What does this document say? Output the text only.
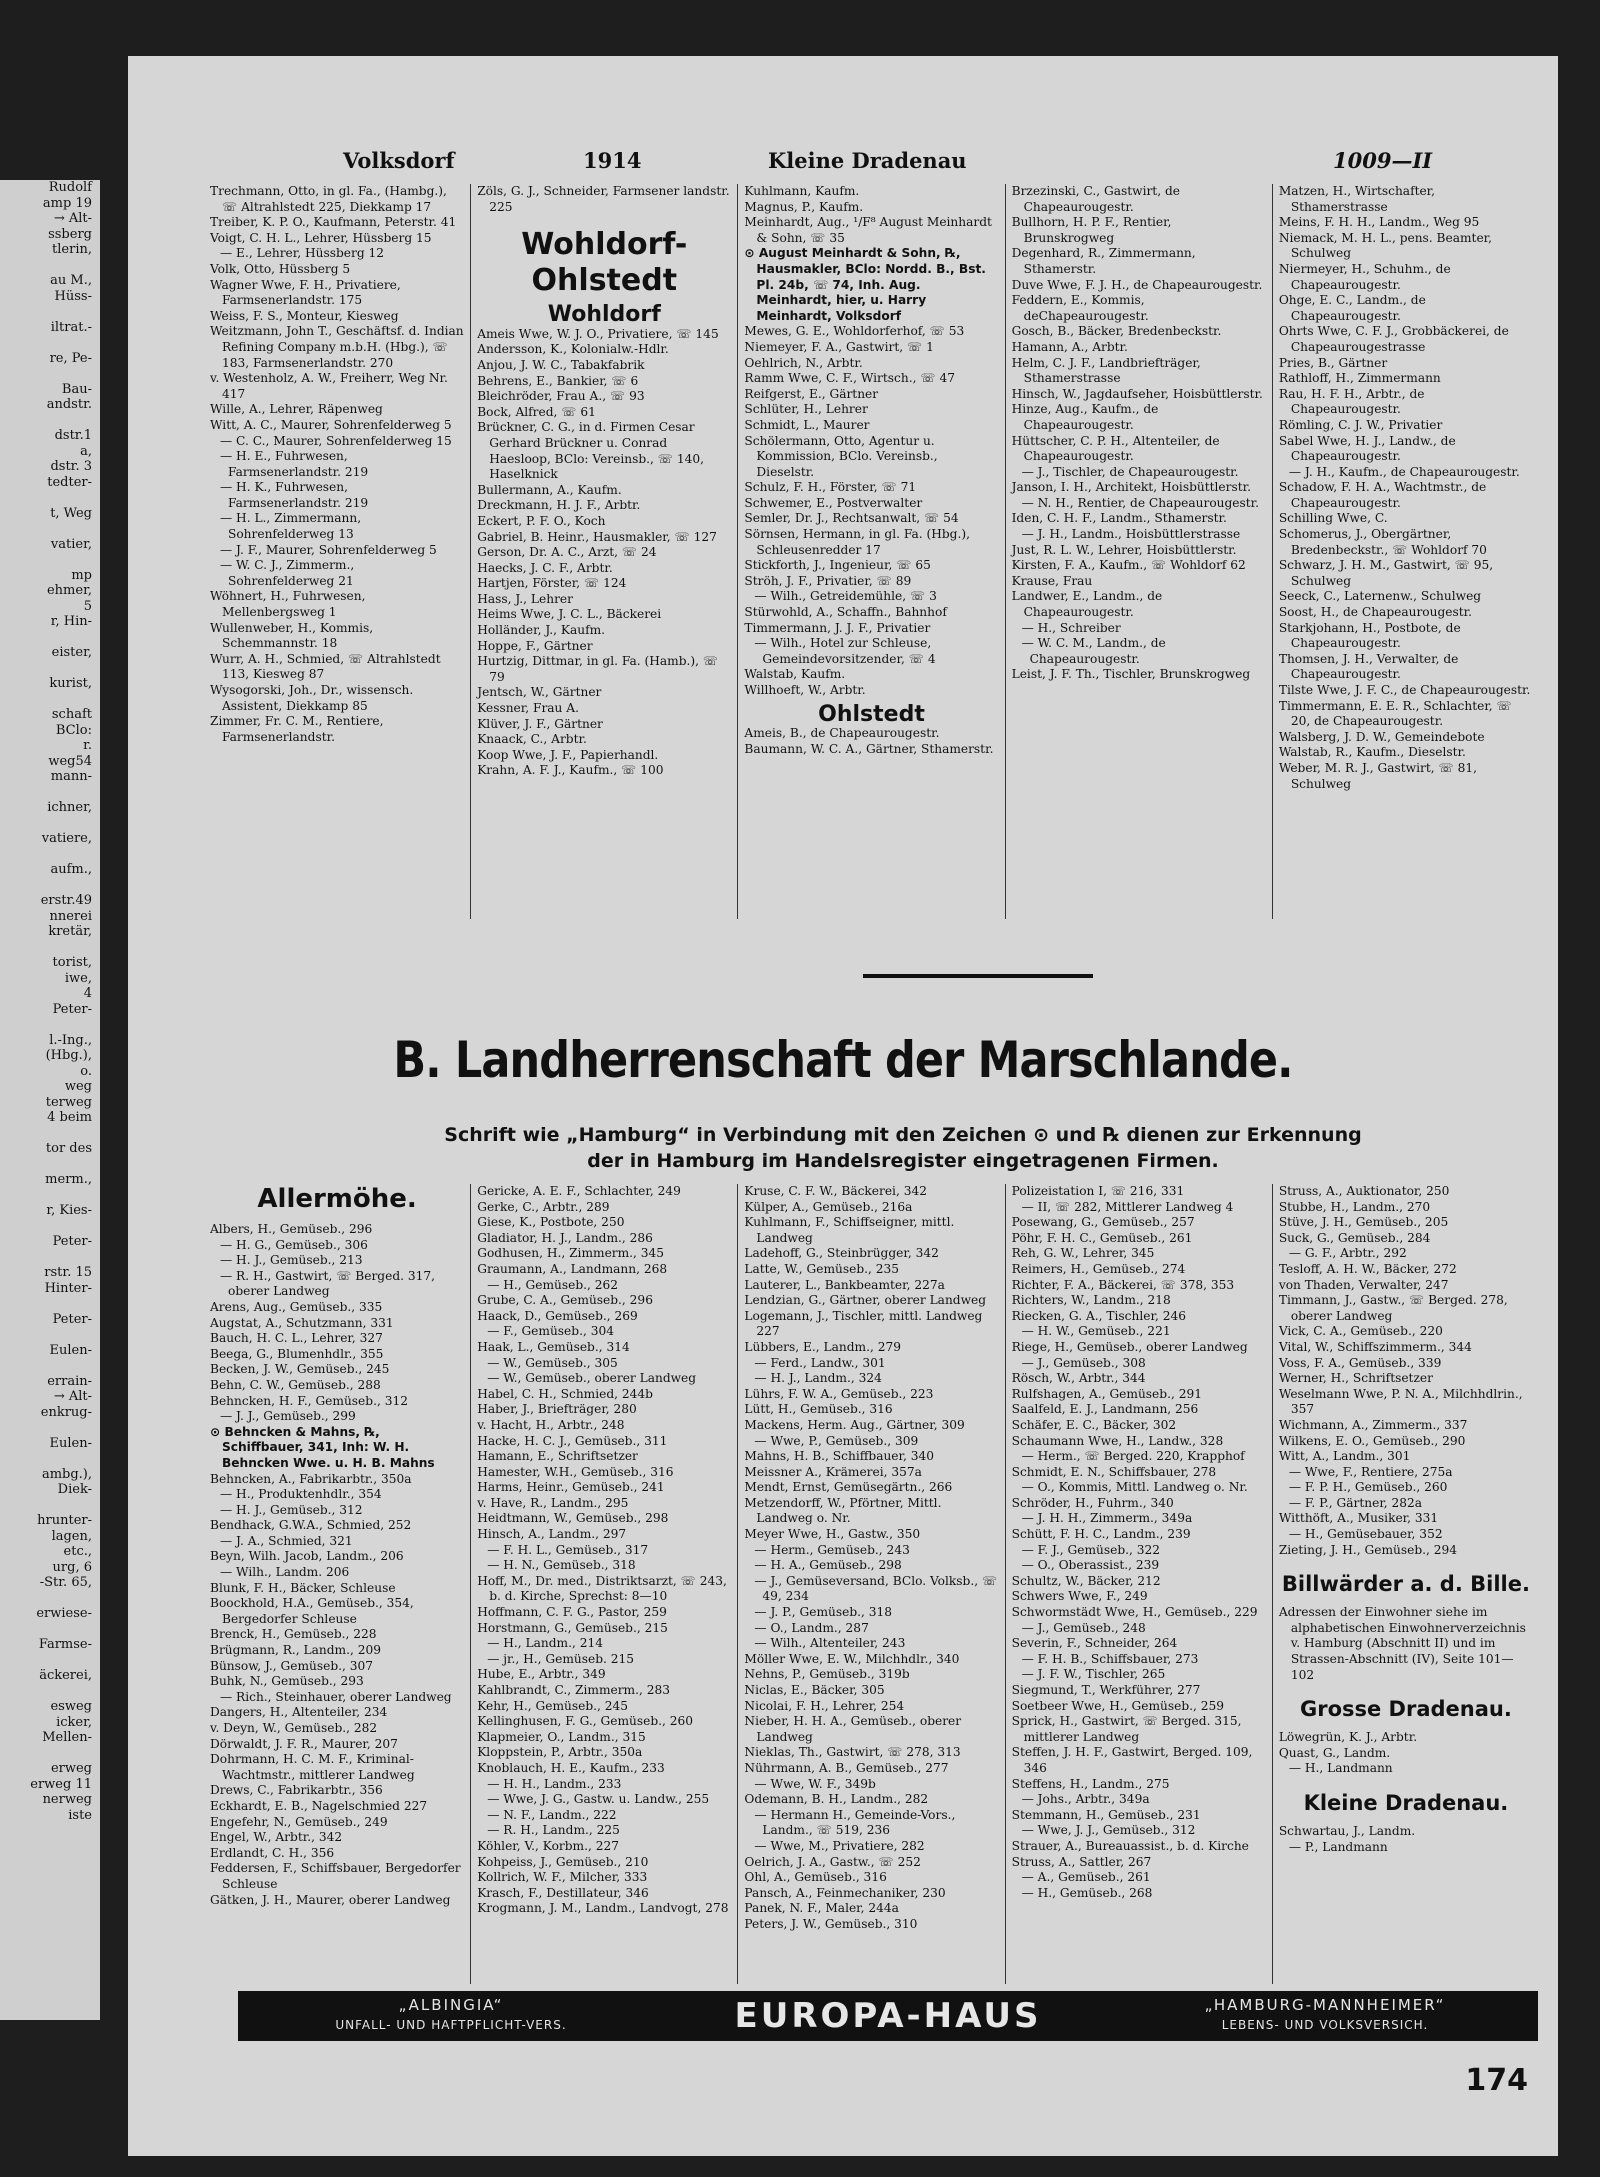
Rudolf
amp 19
→ Alt-
ssberg
tlerin,

au M.,
Hüss-

iltrat.-

re, Pe-

Bau-
andstr.

dstr.1
a,
dstr. 3
tedter-

t, Weg

vatier,

mp
ehmer,
5
r, Hin-

eister,

kurist,

schaft
BClo:
r.
weg54
mann-

ichner,

vatiere,

aufm.,

erstr.49
nnerei
kretär,

torist,
iwe,
4
Peter-

l.-Ing.,
(Hbg.),
o.
weg
terweg
4 beim

tor des

merm.,

r, Kies-

Peter-

rstr. 15
Hinter-

Peter-

Eulen-

errain-
→ Alt-
enkrug-

Eulen-

ambg.),
Diek-

hrunter-
lagen,
etc.,
urg, 6
-Str. 65,

erwiese-

Farmse-

äckerei,

esweg
icker,
Mellen-

erweg
erweg 11
nerweg
iste
Volksdorf	1914	Kleine Dradenau	1009—II
Trechmann, Otto, in gl. Fa., (Hambg.), ☏ Altrahlstedt 225, Diekkamp 17
Treiber, K. P. O., Kaufmann, Peterstr. 41
Voigt, C. H. L., Lehrer, Hüssberg 15
— E., Lehrer, Hüssberg 12
Volk, Otto, Hüssberg 5
Wagner Wwe, F. H., Privatiere, Farmsenerlandstr. 175
Weiss, F. S., Monteur, Kiesweg
Weitzmann, John T., Geschäftsf. d. Indian Refining Company m.b.H. (Hbg.), ☏ 183, Farmsenerlandstr. 270
v. Westenholz, A. W., Freiherr, Weg Nr. 417
Wille, A., Lehrer, Räpenweg
Witt, A. C., Maurer, Sohrenfelderweg 5
— C. C., Maurer, Sohrenfelderweg 15
— H. E., Fuhrwesen, Farmsenerlandstr. 219
— H. K., Fuhrwesen, Farmsenerlandstr. 219
— H. L., Zimmermann, Sohrenfelderweg 13
— J. F., Maurer, Sohrenfelderweg 5
— W. C. J., Zimmerm., Sohrenfelderweg 21
Wöhnert, H., Fuhrwesen, Mellenbergsweg 1
Wullenweber, H., Kommis, Schemmannstr. 18
Wurr, A. H., Schmied, ☏ Altrahlstedt 113, Kiesweg 87
Wysogorski, Joh., Dr., wissensch. Assistent, Diekkamp 85
Zimmer, Fr. C. M., Rentiere, Farmsenerlandstr.
Zöls, G. J., Schneider, Farmsener landstr. 225
Wohldorf-Ohlstedt
Wohldorf
Ameis Wwe, W. J. O., Privatiere, ☏ 145
Andersson, K., Kolonialw.-Hdlr.
Anjou, J. W. C., Tabakfabrik
Behrens, E., Bankier, ☏ 6
Bleichröder, Frau A., ☏ 93
Bock, Alfred, ☏ 61
Brückner, C. G., in d. Firmen Cesar Gerhard Brückner u. Conrad Haesloop, BClo: Vereinsb., ☏ 140, Haselknick
Bullermann, A., Kaufm.
Dreckmann, H. J. F., Arbtr.
Eckert, P. F. O., Koch
Gabriel, B. Heinr., Hausmakler, ☏ 127
Gerson, Dr. A. C., Arzt, ☏ 24
Haecks, J. C. F., Arbtr.
Hartjen, Förster, ☏ 124
Hass, J., Lehrer
Heims Wwe, J. C. L., Bäckerei
Holländer, J., Kaufm.
Hoppe, F., Gärtner
Hurtzig, Dittmar, in gl. Fa. (Hamb.), ☏ 79
Jentsch, W., Gärtner
Kessner, Frau A.
Klüver, J. F., Gärtner
Knaack, C., Arbtr.
Koop Wwe, J. F., Papierhandl.
Krahn, A. F. J., Kaufm., ☏ 100
Kuhlmann, Kaufm.
Magnus, P., Kaufm.
Meinhardt, Aug., ¹/F⁸ August Meinhardt & Sohn, ☏ 35
⊙ August Meinhardt & Sohn, ℞, Hausmakler, BClo: Nordd. B., Bst. Pl. 24b, ☏ 74, Inh. Aug. Meinhardt, hier, u. Harry Meinhardt, Volksdorf
Mewes, G. E., Wohldorferhof, ☏ 53
Niemeyer, F. A., Gastwirt, ☏ 1
Oehlrich, N., Arbtr.
Ramm Wwe, C. F., Wirtsch., ☏ 47
Reifgerst, E., Gärtner
Schlüter, H., Lehrer
Schmidt, L., Maurer
Schölermann, Otto, Agentur u. Kommission, BClo. Vereinsb., Dieselstr.
Schulz, F. H., Förster, ☏ 71
Schwemer, E., Postverwalter
Semler, Dr. J., Rechtsanwalt, ☏ 54
Sörnsen, Hermann, in gl. Fa. (Hbg.), Schleusenredder 17
Stickforth, J., Ingenieur, ☏ 65
Ströh, J. F., Privatier, ☏ 89
— Wilh., Getreidemühle, ☏ 3
Stürwohld, A., Schaffn., Bahnhof
Timmermann, J. J. F., Privatier
— Wilh., Hotel zur Schleuse, Gemeindevorsitzender, ☏ 4
Walstab, Kaufm.
Willhoeft, W., Arbtr.
Ohlstedt
Ameis, B., de Chapeaurougestr.
Baumann, W. C. A., Gärtner, Sthamerstr.
Brzezinski, C., Gastwirt, de Chapeaurougestr.
Bullhorn, H. P. F., Rentier, Brunskrogweg
Degenhard, R., Zimmermann, Sthamerstr.
Duve Wwe, F. J. H., de Chapeaurougestr.
Feddern, E., Kommis, deChapeaurougestr.
Gosch, B., Bäcker, Bredenbeckstr.
Hamann, A., Arbtr.
Helm, C. J. F., Landbriefträger, Sthamerstrasse
Hinsch, W., Jagdaufseher, Hoisbüttlerstr.
Hinze, Aug., Kaufm., de Chapeaurougestr.
Hüttscher, C. P. H., Altenteiler, de Chapeaurougestr.
— J., Tischler, de Chapeaurougestr.
Janson, I. H., Architekt, Hoisbüttlerstr.
— N. H., Rentier, de Chapeaurougestr.
Iden, C. H. F., Landm., Sthamerstr.
— J. H., Landm., Hoisbüttlerstrasse
Just, R. L. W., Lehrer, Hoisbüttlerstr.
Kirsten, F. A., Kaufm., ☏ Wohldorf 62
Krause, Frau
Landwer, E., Landm., de Chapeaurougestr.
— H., Schreiber
— W. C. M., Landm., de Chapeaurougestr.
Leist, J. F. Th., Tischler, Brunskrogweg
Matzen, H., Wirtschafter, Sthamerstrasse
Meins, F. H. H., Landm., Weg 95
Niemack, M. H. L., pens. Beamter, Schulweg
Niermeyer, H., Schuhm., de Chapeaurougestr.
Ohge, E. C., Landm., de Chapeaurougestr.
Ohrts Wwe, C. F. J., Grobbäckerei, de Chapeaurougestrasse
Pries, B., Gärtner
Rathloff, H., Zimmermann
Rau, H. F. H., Arbtr., de Chapeaurougestr.
Römling, C. J. W., Privatier
Sabel Wwe, H. J., Landw., de Chapeaurougestr.
— J. H., Kaufm., de Chapeaurougestr.
Schadow, F. H. A., Wachtmstr., de Chapeaurougestr.
Schilling Wwe, C.
Schomerus, J., Obergärtner, Bredenbeckstr., ☏ Wohldorf 70
Schwarz, J. H. M., Gastwirt, ☏ 95, Schulweg
Seeck, C., Laternenw., Schulweg
Soost, H., de Chapeaurougestr.
Starkjohann, H., Postbote, de Chapeaurougestr.
Thomsen, J. H., Verwalter, de Chapeaurougestr.
Tilste Wwe, J. F. C., de Chapeaurougestr.
Timmermann, E. E. R., Schlachter, ☏ 20, de Chapeaurougestr.
Walsberg, J. D. W., Gemeindebote
Walstab, R., Kaufm., Dieselstr.
Weber, M. R. J., Gastwirt, ☏ 81, Schulweg
B. Landherrenschaft der Marschlande.
Schrift wie „Hamburg“ in Verbindung mit den Zeichen ⊙ und ℞ dienen zur Erkennung
der in Hamburg im Handelsregister eingetragenen Firmen.
Allermöhe.
Albers, H., Gemüseb., 296
— H. G., Gemüseb., 306
— H. J., Gemüseb., 213
— R. H., Gastwirt, ☏ Berged. 317, oberer Landweg
Arens, Aug., Gemüseb., 335
Augstat, A., Schutzmann, 331
Bauch, H. C. L., Lehrer, 327
Beega, G., Blumenhdlr., 355
Becken, J. W., Gemüseb., 245
Behn, C. W., Gemüseb., 288
Behncken, H. F., Gemüseb., 312
— J. J., Gemüseb., 299
⊙ Behncken & Mahns, ℞, Schiffbauer, 341, Inh: W. H. Behncken Wwe. u. H. B. Mahns
Behncken, A., Fabrikarbtr., 350a
— H., Produktenhdlr., 354
— H. J., Gemüseb., 312
Bendhack, G.W.A., Schmied, 252
— J. A., Schmied, 321
Beyn, Wilh. Jacob, Landm., 206
— Wilh., Landm. 206
Blunk, F. H., Bäcker, Schleuse
Boockhold, H.A., Gemüseb., 354, Bergedorfer Schleuse
Brenck, H., Gemüseb., 228
Brügmann, R., Landm., 209
Bünsow, J., Gemüseb., 307
Buhk, N., Gemüseb., 293
— Rich., Steinhauer, oberer Landweg
Dangers, H., Altenteiler, 234
v. Deyn, W., Gemüseb., 282
Dörwaldt, J. F. R., Maurer, 207
Dohrmann, H. C. M. F., Kriminal-Wachtmstr., mittlerer Landweg
Drews, C., Fabrikarbtr., 356
Eckhardt, E. B., Nagelschmied 227
Engefehr, N., Gemüseb., 249
Engel, W., Arbtr., 342
Erdlandt, C. H., 356
Feddersen, F., Schiffsbauer, Bergedorfer Schleuse
Gätken, J. H., Maurer, oberer Landweg
Gericke, A. E. F., Schlachter, 249
Gerke, C., Arbtr., 289
Giese, K., Postbote, 250
Gladiator, H. J., Landm., 286
Godhusen, H., Zimmerm., 345
Graumann, A., Landmann, 268
— H., Gemüseb., 262
Grube, C. A., Gemüseb., 296
Haack, D., Gemüseb., 269
— F., Gemüseb., 304
Haak, L., Gemüseb., 314
— W., Gemüseb., 305
— W., Gemüseb., oberer Landweg
Habel, C. H., Schmied, 244b
Haber, J., Briefträger, 280
v. Hacht, H., Arbtr., 248
Hacke, H. C. J., Gemüseb., 311
Hamann, E., Schriftsetzer
Hamester, W.H., Gemüseb., 316
Harms, Heinr., Gemüseb., 241
v. Have, R., Landm., 295
Heidtmann, W., Gemüseb., 298
Hinsch, A., Landm., 297
— F. H. L., Gemüseb., 317
— H. N., Gemüseb., 318
Hoff, M., Dr. med., Distriktsarzt, ☏ 243, b. d. Kirche, Sprechst: 8—10
Hoffmann, C. F. G., Pastor, 259
Horstmann, G., Gemüseb., 215
— H., Landm., 214
— jr., H., Gemüseb. 215
Hube, E., Arbtr., 349
Kahlbrandt, C., Zimmerm., 283
Kehr, H., Gemüseb., 245
Kellinghusen, F. G., Gemüseb., 260
Klapmeier, O., Landm., 315
Kloppstein, P., Arbtr., 350a
Knoblauch, H. E., Kaufm., 233
— H. H., Landm., 233
— Wwe, J. G., Gastw. u. Landw., 255
— N. F., Landm., 222
— R. H., Landm., 225
Köhler, V., Korbm., 227
Kohpeiss, J., Gemüseb., 210
Kollrich, W. F., Milcher, 333
Krasch, F., Destillateur, 346
Krogmann, J. M., Landm., Landvogt, 278
Kruse, C. F. W., Bäckerei, 342
Külper, A., Gemüseb., 216a
Kuhlmann, F., Schiffseigner, mittl. Landweg
Ladehoff, G., Steinbrügger, 342
Latte, W., Gemüseb., 235
Lauterer, L., Bankbeamter, 227a
Lendzian, G., Gärtner, oberer Landweg
Logemann, J., Tischler, mittl. Landweg 227
Lübbers, E., Landm., 279
— Ferd., Landw., 301
— H. J., Landm., 324
Lührs, F. W. A., Gemüseb., 223
Lütt, H., Gemüseb., 316
Mackens, Herm. Aug., Gärtner, 309
— Wwe, P., Gemüseb., 309
Mahns, H. B., Schiffbauer, 340
Meissner A., Krämerei, 357a
Mendt, Ernst, Gemüsegärtn., 266
Metzendorff, W., Pförtner, Mittl. Landweg o. Nr.
Meyer Wwe, H., Gastw., 350
— Herm., Gemüseb., 243
— H. A., Gemüseb., 298
— J., Gemüseversand, BClo. Volksb., ☏ 49, 234
— J. P., Gemüseb., 318
— O., Landm., 287
— Wilh., Altenteiler, 243
Möller Wwe, E. W., Milchhdlr., 340
Nehns, P., Gemüseb., 319b
Niclas, E., Bäcker, 305
Nicolai, F. H., Lehrer, 254
Nieber, H. H. A., Gemüseb., oberer Landweg
Nieklas, Th., Gastwirt, ☏ 278, 313
Nührmann, A. B., Gemüseb., 277
— Wwe, W. F., 349b
Odemann, B. H., Landm., 282
— Hermann H., Gemeinde-Vors., Landm., ☏ 519, 236
— Wwe, M., Privatiere, 282
Oelrich, J. A., Gastw., ☏ 252
Ohl, A., Gemüseb., 316
Pansch, A., Feinmechaniker, 230
Panek, N. F., Maler, 244a
Peters, J. W., Gemüseb., 310
Polizeistation I, ☏ 216, 331
— II, ☏ 282, Mittlerer Landweg 4
Posewang, G., Gemüseb., 257
Pöhr, F. H. C., Gemüseb., 261
Reh, G. W., Lehrer, 345
Reimers, H., Gemüseb., 274
Richter, F. A., Bäckerei, ☏ 378, 353
Richters, W., Landm., 218
Riecken, G. A., Tischler, 246
— H. W., Gemüseb., 221
Riege, H., Gemüseb., oberer Landweg
— J., Gemüseb., 308
Rösch, W., Arbtr., 344
Rulfshagen, A., Gemüseb., 291
Saalfeld, E. J., Landmann, 256
Schäfer, E. C., Bäcker, 302
Schaumann Wwe, H., Landw., 328
— Herm., ☏ Berged. 220, Krapphof
Schmidt, E. N., Schiffsbauer, 278
— O., Kommis, Mittl. Landweg o. Nr.
Schröder, H., Fuhrm., 340
— J. H. H., Zimmerm., 349a
Schütt, F. H. C., Landm., 239
— F. J., Gemüseb., 322
— O., Oberassist., 239
Schultz, W., Bäcker, 212
Schwers Wwe, F., 249
Schwormstädt Wwe, H., Gemüseb., 229
— J., Gemüseb., 248
Severin, F., Schneider, 264
— F. H. B., Schiffsbauer, 273
— J. F. W., Tischler, 265
Siegmund, T., Werkführer, 277
Soetbeer Wwe, H., Gemüseb., 259
Sprick, H., Gastwirt, ☏ Berged. 315, mittlerer Landweg
Steffen, J. H. F., Gastwirt, Berged. 109, 346
Steffens, H., Landm., 275
— Johs., Arbtr., 349a
Stemmann, H., Gemüseb., 231
— Wwe, J. J., Gemüseb., 312
Strauer, A., Bureauassist., b. d. Kirche
Struss, A., Sattler, 267
— A., Gemüseb., 261
— H., Gemüseb., 268
Struss, A., Auktionator, 250
Stubbe, H., Landm., 270
Stüve, J. H., Gemüseb., 205
Suck, G., Gemüseb., 284
— G. F., Arbtr., 292
Tesloff, A. H. W., Bäcker, 272
von Thaden, Verwalter, 247
Timmann, J., Gastw., ☏ Berged. 278, oberer Landweg
Vick, C. A., Gemüseb., 220
Vital, W., Schiffszimmerm., 344
Voss, F. A., Gemüseb., 339
Werner, H., Schriftsetzer
Weselmann Wwe, P. N. A., Milchhdlrin., 357
Wichmann, A., Zimmerm., 337
Wilkens, E. O., Gemüseb., 290
Witt, A., Landm., 301
— Wwe, F., Rentiere, 275a
— F. P. H., Gemüseb., 260
— F. P., Gärtner, 282a
Witthöft, A., Musiker, 331
— H., Gemüsebauer, 352
Zieting, J. H., Gemüseb., 294
Billwärder a. d. Bille.
Adressen der Einwohner siehe im alphabetischen Einwohnerverzeichnis v. Hamburg (Abschnitt II) und im Strassen-Abschnitt (IV), Seite 101—102
Grosse Dradenau.
Löwegrün, K. J., Arbtr.
Quast, G., Landm.
— H., Landmann
Kleine Dradenau.
Schwartau, J., Landm.
— P., Landmann
„ALBINGIA“
UNFALL- UND HAFTPFLICHT-VERS.	EUROPA-HAUS	„HAMBURG-MANNHEIMER“
LEBENS- UND VOLKSVERSICH.
174
